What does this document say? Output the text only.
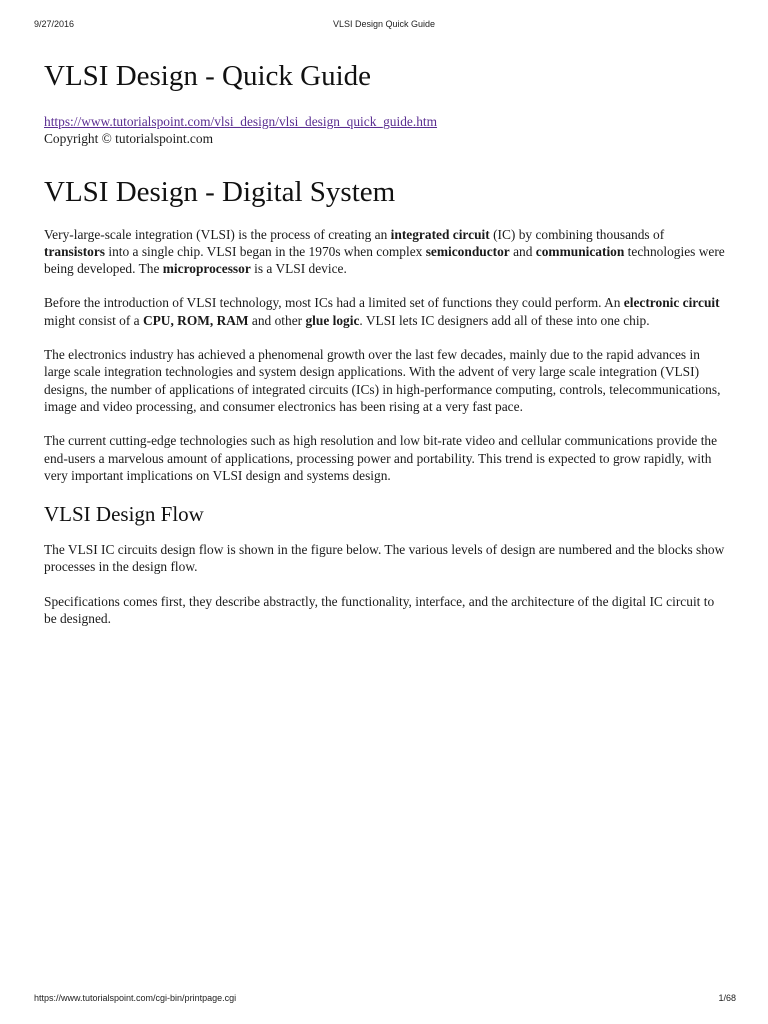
VLSI Design Quick Guide
9/27/2016
VLSI Design - Quick Guide
https://www.tutorialspoint.com/vlsi_design/vlsi_design_quick_guide.htm
Copyright © tutorialspoint.com
VLSI Design - Digital System

Very-large-scale integration (VLSI) is the process of creating an integrated circuit (IC) by combining thousands of transistors into a single chip. VLSI began in the 1970s when complex semiconductor and communication technologies were being developed. The microprocessor is a VLSI device.

Before the introduction of VLSI technology, most ICs had a limited set of functions they could perform. An electronic circuit might consist of a CPU, ROM, RAM and other glue logic. VLSI lets IC designers add all of these into one chip.

The electronics industry has achieved a phenomenal growth over the last few decades, mainly due to the rapid advances in large scale integration technologies and system design applications. With the advent of very large scale integration (VLSI) designs, the number of applications of integrated circuits (ICs) in high-performance computing, controls, telecommunications, image and video processing, and consumer electronics has been rising at a very fast pace.

The current cutting-edge technologies such as high resolution and low bit-rate video and cellular communications provide the end-users a marvelous amount of applications, processing power and portability. This trend is expected to grow rapidly, with very important implications on VLSI design and systems design.

VLSI Design Flow

The VLSI IC circuits design flow is shown in the figure below. The various levels of design are numbered and the blocks show processes in the design flow.

Specifications comes first, they describe abstractly, the functionality, interface, and the architecture of the digital IC circuit to be designed.

https://www.tutorialspoint.com/cgi-bin/printpage.cgi	1/68
